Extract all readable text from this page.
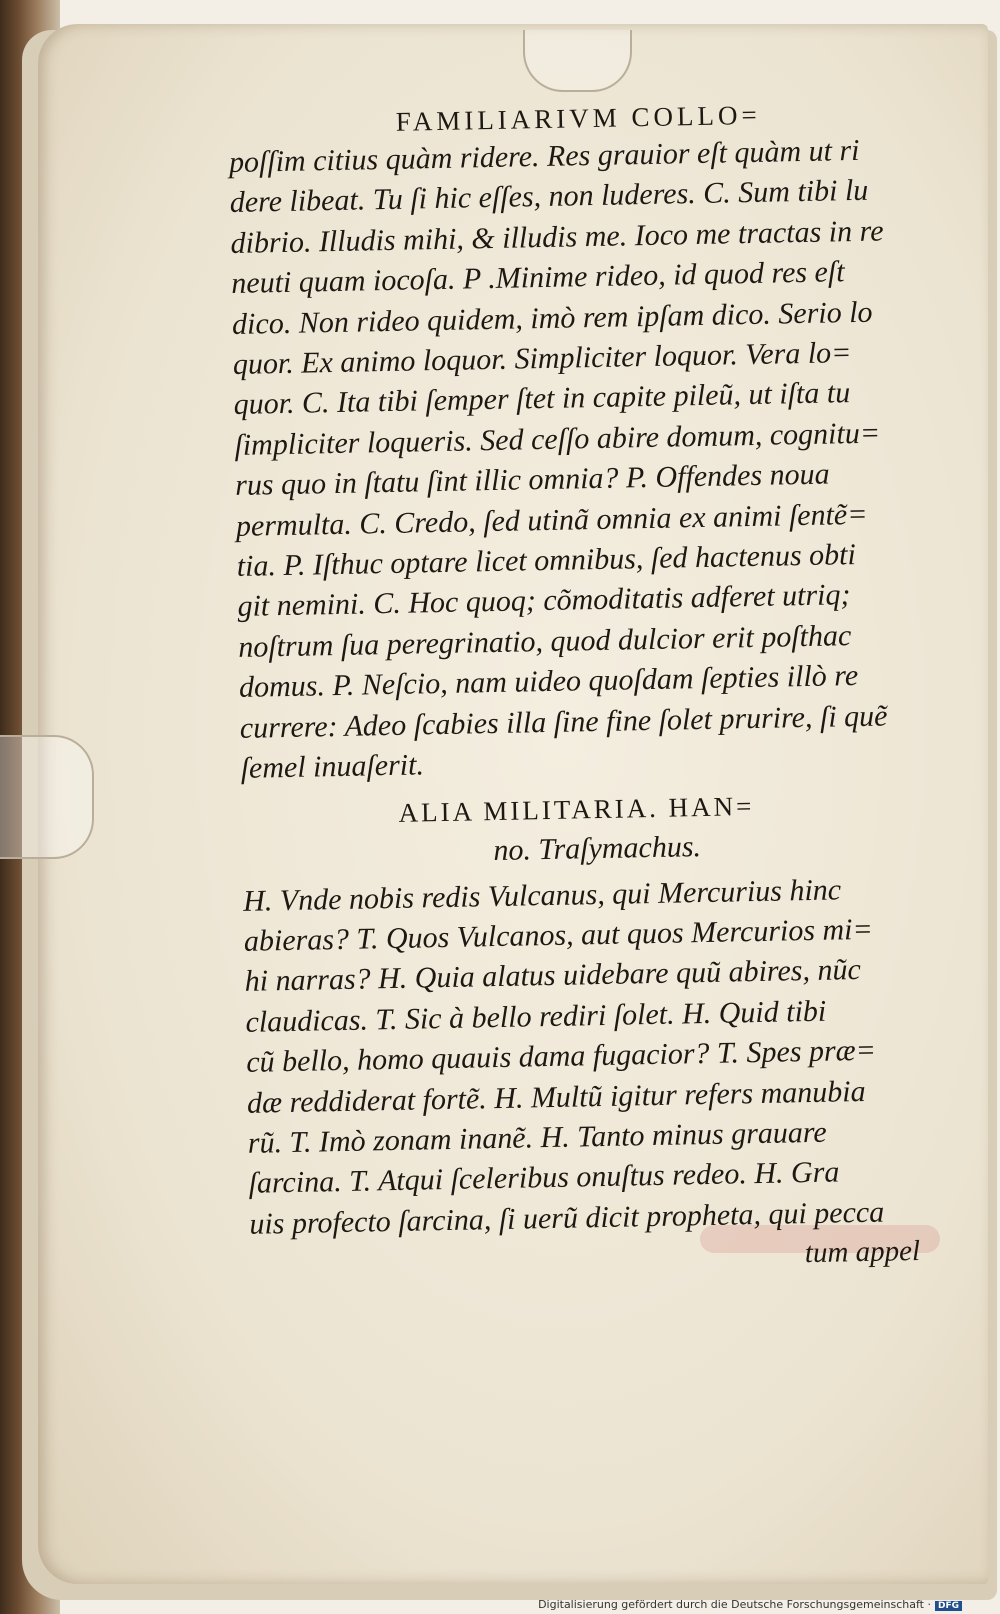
FAMILIARIVM COLLO=

poſſim citius quàm ridere. Res grauior eſt quàm ut ri

dere libeat. Tu ſi hic eſſes, non luderes. C. Sum tibi lu

dibrio. Illudis mihi, & illudis me. Ioco me tractas in re

neuti quam iocoſa. P .Minime rideo, id quod res eſt

dico. Non rideo quidem, imò rem ipſam dico. Serio lo

quor. Ex animo loquor. Simpliciter loquor. Vera lo=

quor. C. Ita tibi ſemper ſtet in capite pileũ, ut iſta tu

ſimpliciter loqueris. Sed ceſſo abire domum, cognitu=

rus quo in ſtatu ſint illic omnia? P. Offendes noua

permulta. C. Credo, ſed utinã omnia ex animi ſentẽ=

tia. P. Iſthuc optare licet omnibus, ſed hactenus obti

git nemini. C. Hoc quoq; cõmoditatis adferet utriq;

noſtrum ſua peregrinatio, quod dulcior erit poſthac

domus. P. Neſcio, nam uideo quoſdam ſepties illò re

currere: Adeo ſcabies illa ſine fine ſolet prurire, ſi quẽ

ſemel inuaſerit.

ALIA MILITARIA. HAN=
no. Traſymachus.

H. Vnde nobis redis Vulcanus, qui Mercurius hinc

abieras? T. Quos Vulcanos, aut quos Mercurios mi=

hi narras? H. Quia alatus uidebare quũ abires, nũc

claudicas. T. Sic à bello rediri ſolet. H. Quid tibi

cũ bello, homo quauis dama fugacior? T. Spes præ=

dæ reddiderat fortẽ. H. Multũ igitur refers manubia

rũ. T. Imò zonam inanẽ. H. Tanto minus grauare

ſarcina. T. Atqui ſceleribus onuſtus redeo. H. Gra

uis profecto ſarcina, ſi uerũ dicit propheta, qui pecca

tum appel

Digitalisierung gefördert durch die Deutsche Forschungsgemeinschaft · DFG
